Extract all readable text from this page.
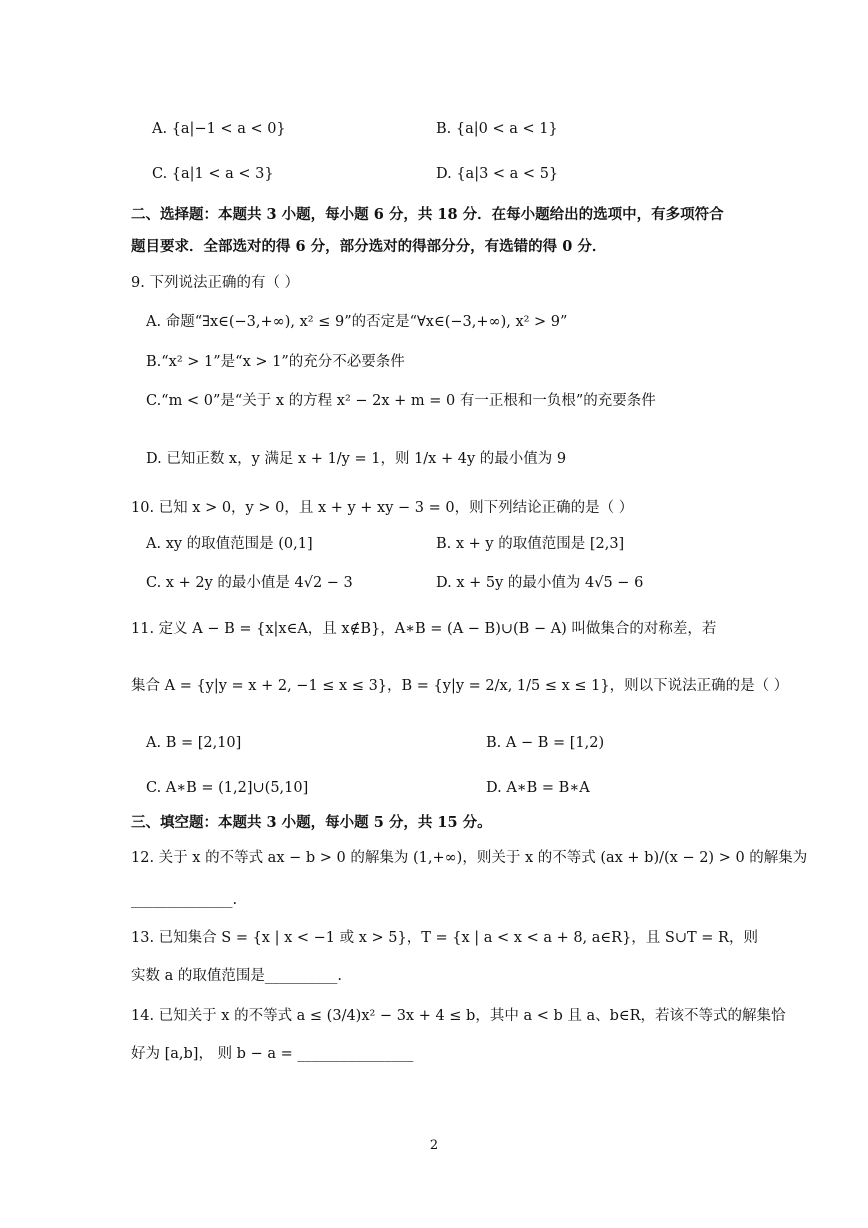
A. {a|−1 < a < 0}	B. {a|0 < a < 1}
C. {a|1 < a < 3}	D. {a|3 < a < 5}
二、选择题：本题共 3 小题，每小题 6 分，共 18 分．在每小题给出的选项中，有多项符合
题目要求．全部选对的得 6 分，部分选对的得部分分，有选错的得 0 分．
9. 下列说法正确的有（ ）
A. 命题“∃x∈(−3,+∞), x² ≤ 9”的否定是“∀x∈(−3,+∞), x² > 9”
B.“x² > 1”是“x > 1”的充分不必要条件
C.“m < 0”是“关于 x 的方程 x² − 2x + m = 0 有一正根和一负根”的充要条件
D. 已知正数 x，y 满足 x + 1/y = 1，则 1/x + 4y 的最小值为 9
10. 已知 x > 0，y > 0，且 x + y + xy − 3 = 0，则下列结论正确的是（ ）
A. xy 的取值范围是 (0,1]	B. x + y 的取值范围是 [2,3]
C. x + 2y 的最小值是 4√2 − 3	D. x + 5y 的最小值为 4√5 − 6
11. 定义 A − B = {x|x∈A，且 x∉B}，A∗B = (A − B)∪(B − A) 叫做集合的对称差，若
集合 A = {y|y = x + 2, −1 ≤ x ≤ 3}，B = {y|y = 2/x, 1/5 ≤ x ≤ 1}，则以下说法正确的是（ ）
A. B = [2,10]	B. A − B = [1,2)
C. A∗B = (1,2]∪(5,10]	D. A∗B = B∗A
三、填空题：本题共 3 小题，每小题 5 分，共 15 分。
12. 关于 x 的不等式 ax − b > 0 的解集为 (1,+∞)，则关于 x 的不等式 (ax + b)/(x − 2) > 0 的解集为
______________.
13. 已知集合 S = {x | x < −1 或 x > 5}，T = {x | a < x < a + 8, a∈R}，且 S∪T = R，则
实数 a 的取值范围是__________.
14. 已知关于 x 的不等式 a ≤ (3/4)x² − 3x + 4 ≤ b，其中 a < b 且 a、b∈R，若该不等式的解集恰
好为 [a,b]， 则 b − a = ________________
2
